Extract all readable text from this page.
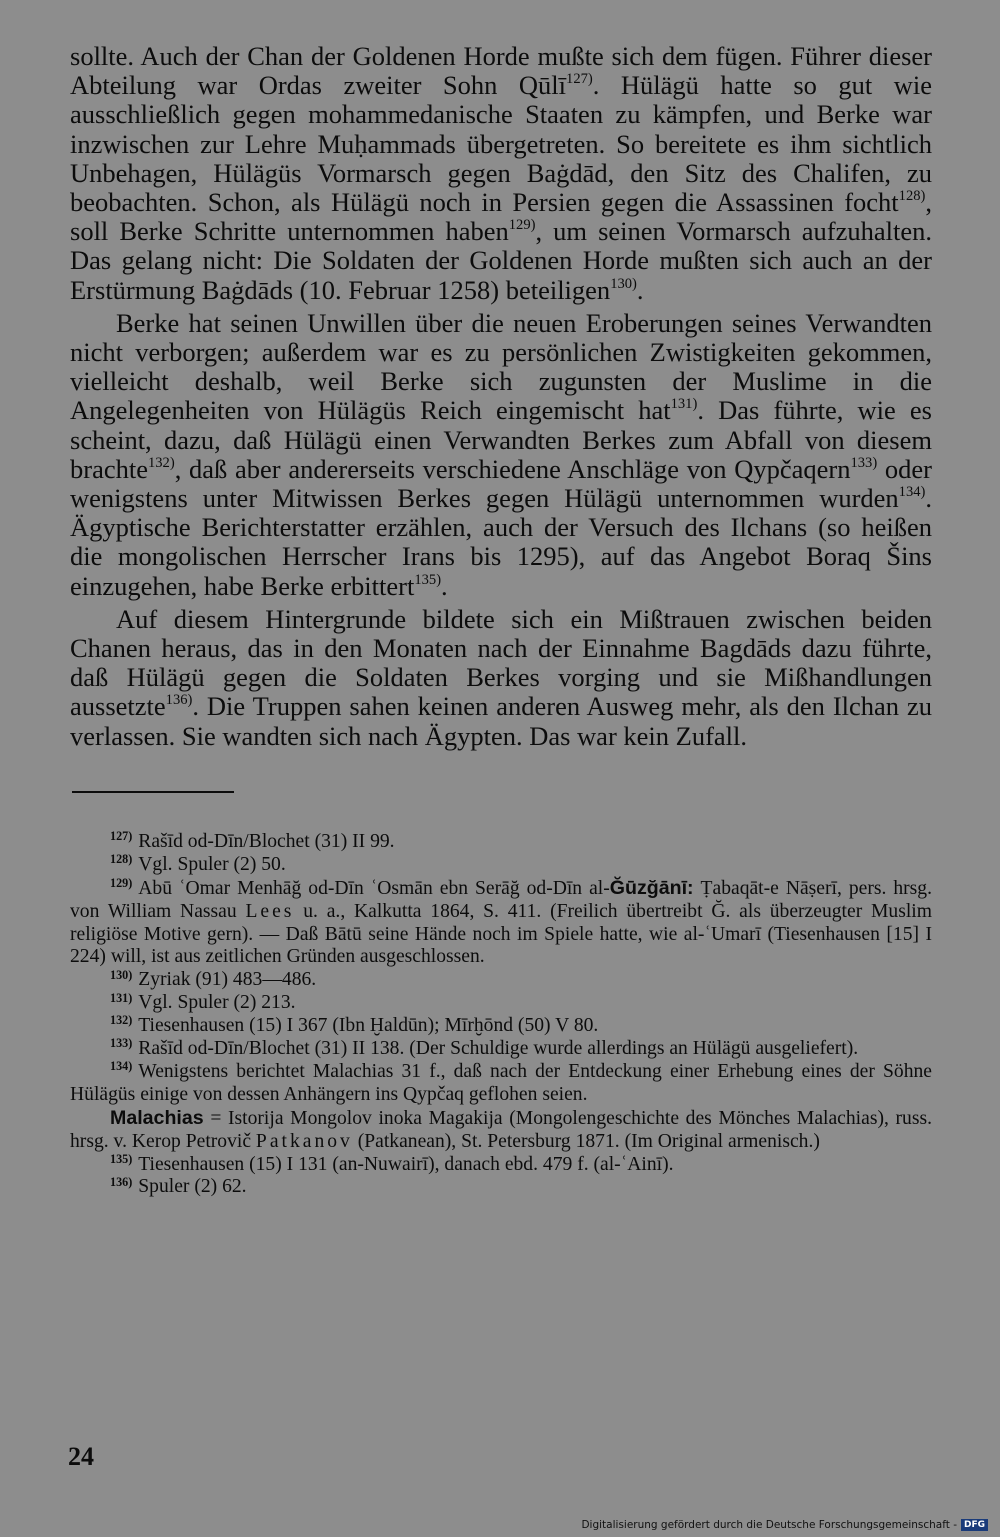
sollte. Auch der Chan der Goldenen Horde mußte sich dem fügen. Führer dieser Abteilung war Ordas zweiter Sohn Qūlī$^{127)}$. Hülägü hatte so gut wie ausschließlich gegen mohammedanische Staaten zu kämpfen, und Berke war inzwischen zur Lehre Muḥammads übergetreten. So bereitete es ihm sichtlich Unbehagen, Hülägüs Vormarsch gegen Baġdād, den Sitz des Chalifen, zu beobachten. Schon, als Hülägü noch in Persien gegen die Assassinen focht$^{128)}$, soll Berke Schritte unternommen haben$^{129)}$, um seinen Vormarsch aufzuhalten. Das gelang nicht: Die Soldaten der Goldenen Horde mußten sich auch an der Erstürmung Baġdāds (10. Februar 1258) beteiligen$^{130)}$.

Berke hat seinen Unwillen über die neuen Eroberungen seines Verwandten nicht verborgen; außerdem war es zu persönlichen Zwistigkeiten gekommen, vielleicht deshalb, weil Berke sich zugunsten der Muslime in die Angelegenheiten von Hülägüs Reich eingemischt hat$^{131)}$. Das führte, wie es scheint, dazu, daß Hülägü einen Verwandten Berkes zum Abfall von diesem brachte$^{132)}$, daß aber andererseits verschiedene Anschläge von Qypčaqern$^{133)}$ oder wenigstens unter Mitwissen Berkes gegen Hülägü unternommen wurden$^{134)}$. Ägyptische Berichterstatter erzählen, auch der Versuch des Ilchans (so heißen die mongolischen Herrscher Irans bis 1295), auf das Angebot Boraq Šins einzugehen, habe Berke erbittert$^{135)}$.

Auf diesem Hintergrunde bildete sich ein Mißtrauen zwischen beiden Chanen heraus, das in den Monaten nach der Einnahme Bagdāds dazu führte, daß Hülägü gegen die Soldaten Berkes vorging und sie Mißhandlungen aussetzte$^{136)}$. Die Truppen sahen keinen anderen Ausweg mehr, als den Ilchan zu verlassen. Sie wandten sich nach Ägypten. Das war kein Zufall.

$^{127)}$ Rašīd od-Dīn/Blochet (31) II 99.

$^{128)}$ Vgl. Spuler (2) 50.

$^{129)}$ Abū ʿOmar Menhāğ od-Dīn ʿOsmān ebn Serāğ od-Dīn al-Ğūzğānī: Ṭabaqāt-e Nāṣerī, pers. hrsg. von William Nassau Lees u. a., Kalkutta 1864, S. 411. (Freilich übertreibt Ğ. als überzeugter Muslim religiöse Motive gern). — Daß Bātū seine Hände noch im Spiele hatte, wie al-ʿUmarī (Tiesenhausen [15] I 224) will, ist aus zeitlichen Gründen ausgeschlossen.

$^{130)}$ Zyriak (91) 483—486.

$^{131)}$ Vgl. Spuler (2) 213.

$^{132)}$ Tiesenhausen (15) I 367 (Ibn Ḫaldūn); Mīrḫōnd (50) V 80.

$^{133)}$ Rašīd od-Dīn/Blochet (31) II 138. (Der Schuldige wurde allerdings an Hülägü ausgeliefert).

$^{134)}$ Wenigstens berichtet Malachias 31 f., daß nach der Entdeckung einer Erhebung eines der Söhne Hülägüs einige von dessen Anhängern ins Qypčaq geflohen seien.

Malachias = Istorija Mongolov inoka Magakija (Mongolengeschichte des Mönches Malachias), russ. hrsg. v. Kerop Petrovič Patkanov (Patkanean), St. Petersburg 1871. (Im Original armenisch.)

$^{135)}$ Tiesenhausen (15) I 131 (an-Nuwairī), danach ebd. 479 f. (al-ʿAinī).

$^{136)}$ Spuler (2) 62.

24
Digitalisierung gefördert durch die Deutsche Forschungsgemeinschaft - DFG
